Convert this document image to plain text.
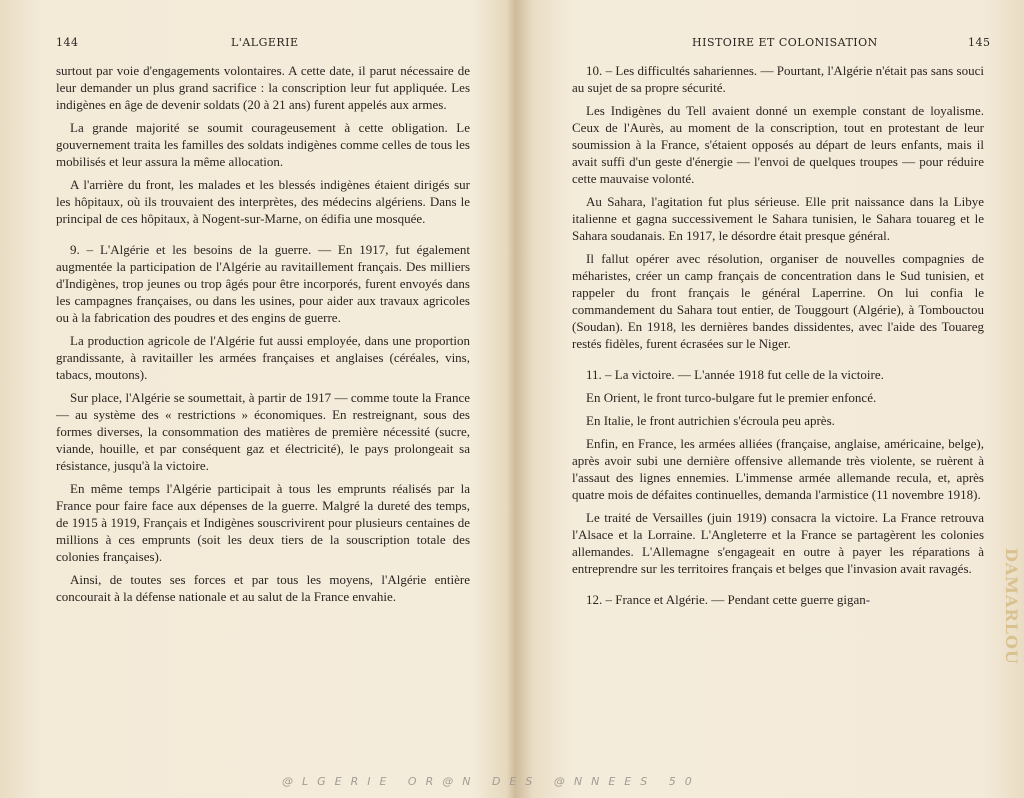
144	L'ALGERIE

surtout par voie d'engagements volontaires. A cette date, il parut nécessaire de leur demander un plus grand sacrifice : la conscription leur fut appliquée. Les indigènes en âge de devenir soldats (20 à 21 ans) furent appelés aux armes.

La grande majorité se soumit courageusement à cette obligation. Le gouvernement traita les familles des soldats indigènes comme celles de tous les mobilisés et leur assura la même allocation.

A l'arrière du front, les malades et les blessés indigènes étaient dirigés sur les hôpitaux, où ils trouvaient des interprètes, des médecins algériens. Dans le principal de ces hôpitaux, à Nogent-sur-Marne, on édifia une mosquée.

9. – L'Algérie et les besoins de la guerre. — En 1917, fut également augmentée la participation de l'Algérie au ravitaillement français. Des milliers d'Indigènes, trop jeunes ou trop âgés pour être incorporés, furent envoyés dans les campagnes françaises, ou dans les usines, pour aider aux travaux agricoles ou à la fabrication des poudres et des engins de guerre.

La production agricole de l'Algérie fut aussi employée, dans une proportion grandissante, à ravitailler les armées françaises et anglaises (céréales, vins, tabacs, moutons).

Sur place, l'Algérie se soumettait, à partir de 1917 — comme toute la France — au système des « restrictions » économiques. En restreignant, sous des formes diverses, la consommation des matières de première nécessité (sucre, viande, houille, et par conséquent gaz et électricité), le pays prolongeait sa résistance, jusqu'à la victoire.

En même temps l'Algérie participait à tous les emprunts réalisés par la France pour faire face aux dépenses de la guerre. Malgré la dureté des temps, de 1915 à 1919, Français et Indigènes souscrivirent pour plusieurs centaines de millions à ces emprunts (soit les deux tiers de la souscription totale des colonies françaises).

Ainsi, de toutes ses forces et par tous les moyens, l'Algérie entière concourait à la défense nationale et au salut de la France envahie.

HISTOIRE ET COLONISATION	145

10. – Les difficultés sahariennes. — Pourtant, l'Algérie n'était pas sans souci au sujet de sa propre sécurité.

Les Indigènes du Tell avaient donné un exemple constant de loyalisme. Ceux de l'Aurès, au moment de la conscription, tout en protestant de leur soumission à la France, s'étaient opposés au départ de leurs enfants, mais il avait suffi d'un geste d'énergie — l'envoi de quelques troupes — pour réduire cette mauvaise volonté.

Au Sahara, l'agitation fut plus sérieuse. Elle prit naissance dans la Libye italienne et gagna successivement le Sahara tunisien, le Sahara touareg et le Sahara soudanais. En 1917, le désordre était presque général.

Il fallut opérer avec résolution, organiser de nouvelles compagnies de méharistes, créer un camp français de concentration dans le Sud tunisien, et rappeler du front français le général Laperrine. On lui confia le commandement du Sahara tout entier, de Touggourt (Algérie), à Tombouctou (Soudan). En 1918, les dernières bandes dissidentes, avec l'aide des Touareg restés fidèles, furent écrasées sur le Niger.

11. – La victoire. — L'année 1918 fut celle de la victoire.

En Orient, le front turco-bulgare fut le premier enfoncé.

En Italie, le front autrichien s'écroula peu après.

Enfin, en France, les armées alliées (française, anglaise, américaine, belge), après avoir subi une dernière offensive allemande très violente, se ruèrent à l'assaut des lignes ennemies. L'immense armée allemande recula, et, après quatre mois de défaites continuelles, demanda l'armistice (11 novembre 1918).

Le traité de Versailles (juin 1919) consacra la victoire. La France retrouva l'Alsace et la Lorraine. L'Angleterre et la France se partagèrent les colonies allemandes. L'Allemagne s'engageait en outre à payer les réparations à entreprendre sur les territoires français et belges que l'invasion avait ravagés.

12. – France et Algérie. — Pendant cette guerre gigan-

@LGERIE OR@N DES @NNEES 50
DAMARLOU
